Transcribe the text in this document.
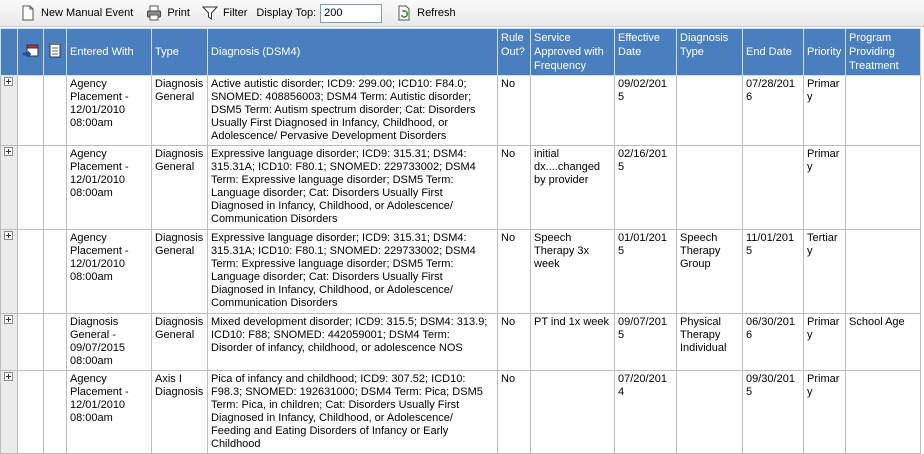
New Manual Event	Print	Filter Display Top:
200	Refresh
			Entered With	Type	Diagnosis (DSM4)	Rule Out?	Service Approved with Frequency	Effective Date	Diagnosis Type	End Date	Priority	Program Providing Treatment

			Agency Placement - 12/01/2010 08:00am	Diagnosis General	Active autistic disorder; ICD9: 299.00; ICD10: F84.0; SNOMED: 408856003; DSM4 Term: Autistic disorder; DSM5 Term: Autism spectrum disorder; Cat: Disorders Usually First Diagnosed in Infancy, Childhood, or Adolescence/ Pervasive Development Disorders	No		09/02/2015		07/28/2016	Primary	

			Agency Placement - 12/01/2010 08:00am	Diagnosis General	Expressive language disorder; ICD9: 315.31; DSM4: 315.31A; ICD10: F80.1; SNOMED: 229733002; DSM4 Term: Expressive language disorder; DSM5 Term: Language disorder; Cat: Disorders Usually First Diagnosed in Infancy, Childhood, or Adolescence/ Communication Disorders	No	initial dx....changed by provider	02/16/2015			Primary	

			Agency Placement - 12/01/2010 08:00am	Diagnosis General	Expressive language disorder; ICD9: 315.31; DSM4: 315.31A; ICD10: F80.1; SNOMED: 229733002; DSM4 Term: Expressive language disorder; DSM5 Term: Language disorder; Cat: Disorders Usually First Diagnosed in Infancy, Childhood, or Adolescence/ Communication Disorders	No	Speech Therapy 3x week	01/01/2015	Speech Therapy Group	11/01/2015	Tertiary	

			Diagnosis General - 09/07/2015 08:00am	Diagnosis General	Mixed development disorder; ICD9: 315.5; DSM4: 313.9; ICD10: F88; SNOMED: 442059001; DSM4 Term: Disorder of infancy, childhood, or adolescence NOS	No	PT ind 1x week	09/07/2015	Physical Therapy Individual	06/30/2016	Primary	School Age

			Agency Placement - 12/01/2010 08:00am	Axis I Diagnosis	Pica of infancy and childhood; ICD9: 307.52; ICD10: F98.3; SNOMED: 192631000; DSM4 Term: Pica; DSM5 Term: Pica, in children; Cat: Disorders Usually First Diagnosed in Infancy, Childhood, or Adolescence/ Feeding and Eating Disorders of Infancy or Early Childhood	No		07/20/2014		09/30/2015	Primary	
